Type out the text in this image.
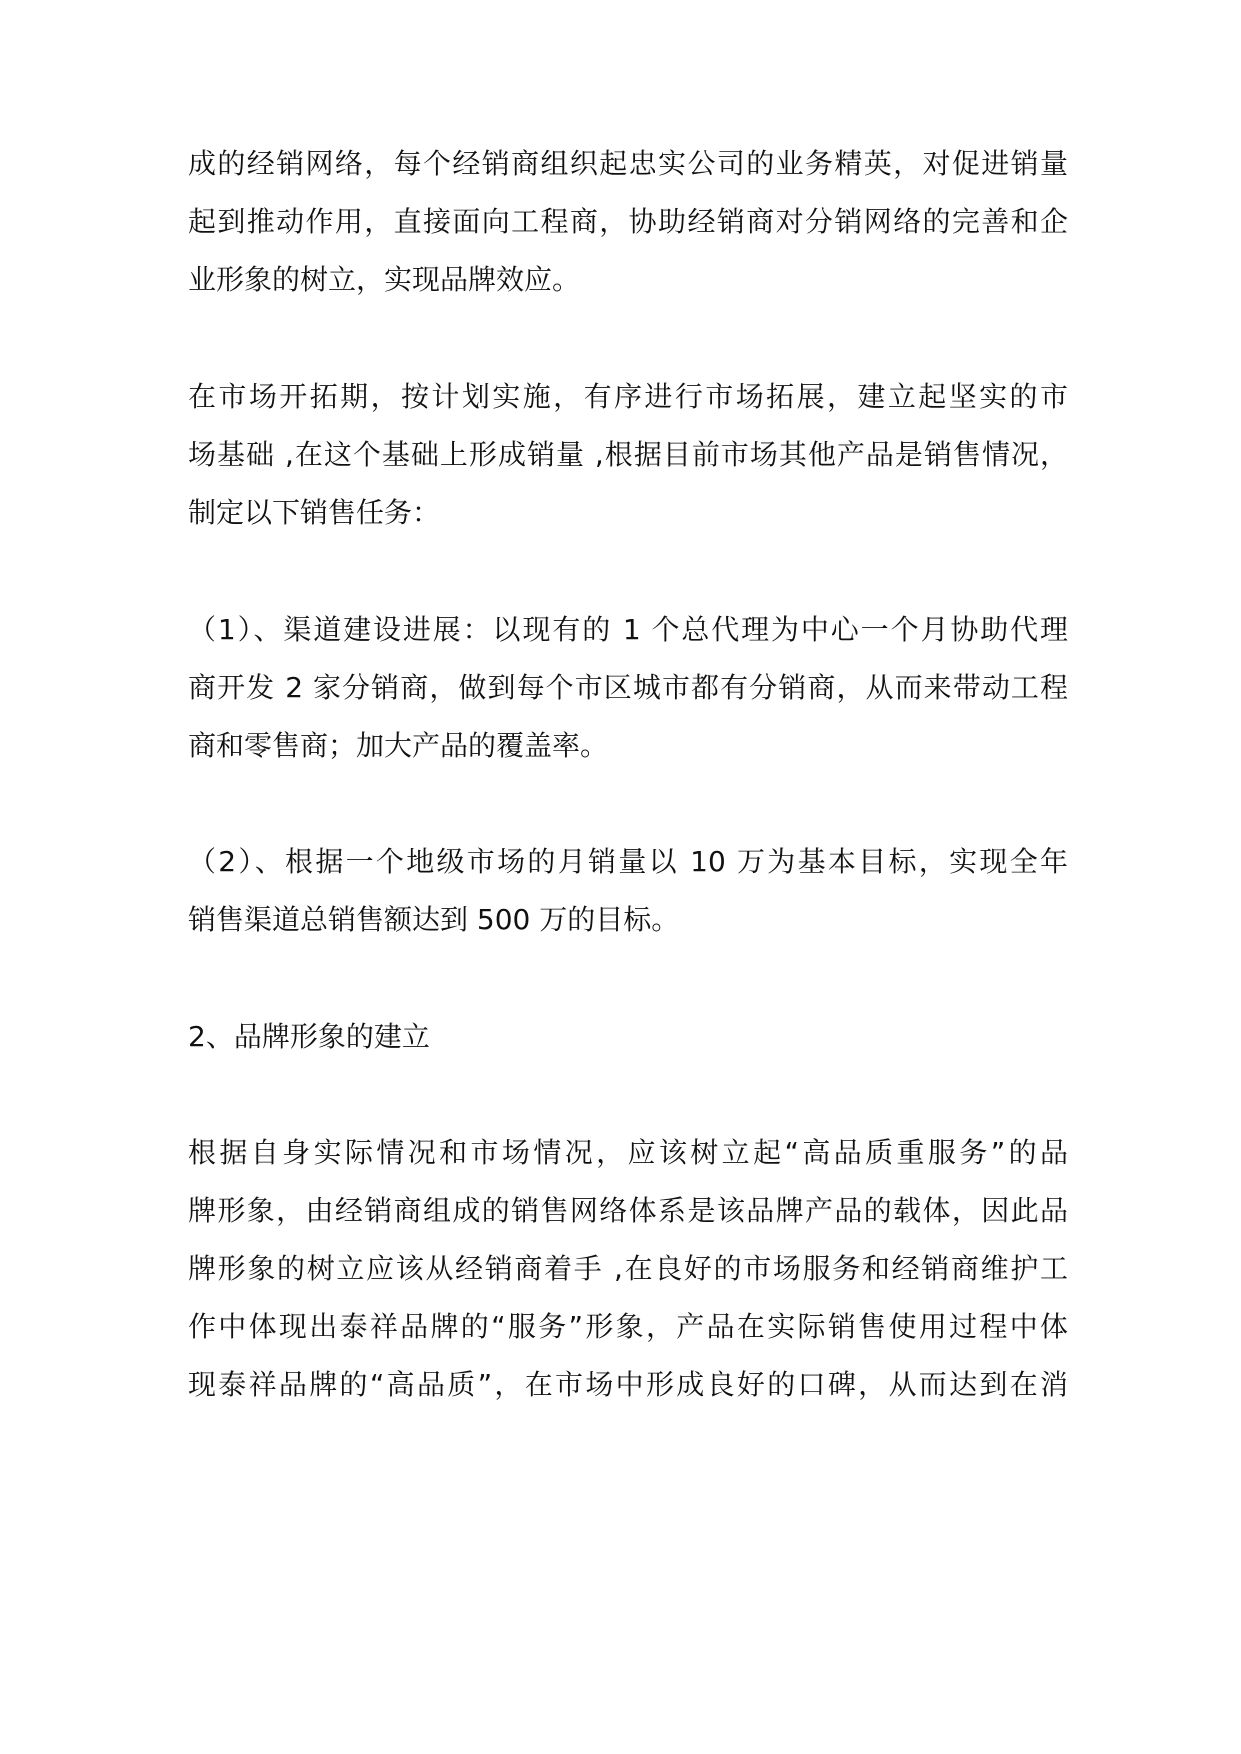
成的经销网络，每个经销商组织起忠实公司的业务精英，对促进销量
起到推动作用，直接面向工程商，协助经销商对分销网络的完善和企
业形象的树立，实现品牌效应。
在市场开拓期，按计划实施，有序进行市场拓展，建立起坚实的市
场基础 ,在这个基础上形成销量 ,根据目前市场其他产品是销售情况，
制定以下销售任务：
（1）、渠道建设进展：以现有的 1 个总代理为中心一个月协助代理
商开发 2 家分销商，做到每个市区城市都有分销商，从而来带动工程
商和零售商；加大产品的覆盖率。
（2）、根据一个地级市场的月销量以 10 万为基本目标，实现全年
销售渠道总销售额达到 500 万的目标。
2、品牌形象的建立
根据自身实际情况和市场情况，应该树立起“高品质重服务”的品
牌形象，由经销商组成的销售网络体系是该品牌产品的载体，因此品
牌形象的树立应该从经销商着手 ,在良好的市场服务和经销商维护工
作中体现出泰祥品牌的“服务”形象，产品在实际销售使用过程中体
现泰祥品牌的“高品质”，在市场中形成良好的口碑，从而达到在消
